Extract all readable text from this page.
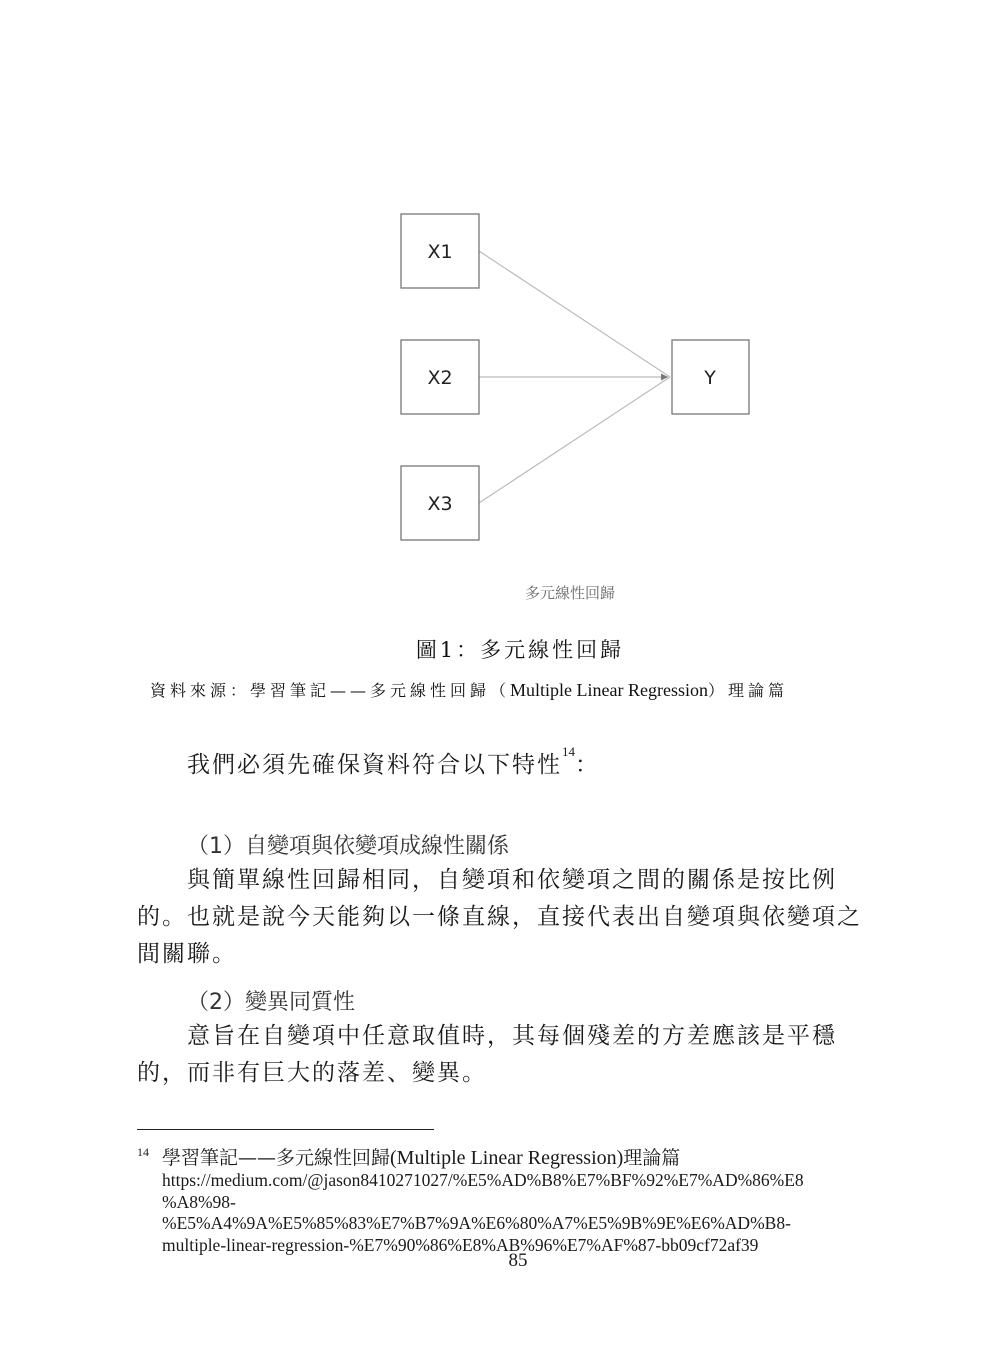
X1
X2
X3
Y
多元線性回歸
圖1：多元線性回歸
資料來源：學習筆記——多元線性回歸（Multiple Linear Regression）理論篇
我們必須先確保資料符合以下特性$^{14}$：
（1）自變項與依變項成線性關係
　　與簡單線性回歸相同，自變項和依變項之間的關係是按比例
的。也就是說今天能夠以一條直線，直接代表出自變項與依變項之
間關聯。
（2）變異同質性
　　意旨在自變項中任意取值時，其每個殘差的方差應該是平穩
的，而非有巨大的落差、變異。
14 學習筆記——多元線性回歸(Multiple Linear Regression)理論篇
https://medium.com/@jason8410271027/%E5%AD%B8%E7%BF%92%E7%AD%86%E8
%A8%98-
%E5%A4%9A%E5%85%83%E7%B7%9A%E6%80%A7%E5%9B%9E%E6%AD%B8-
multiple-linear-regression-%E7%90%86%E8%AB%96%E7%AF%87-bb09cf72af39
85
